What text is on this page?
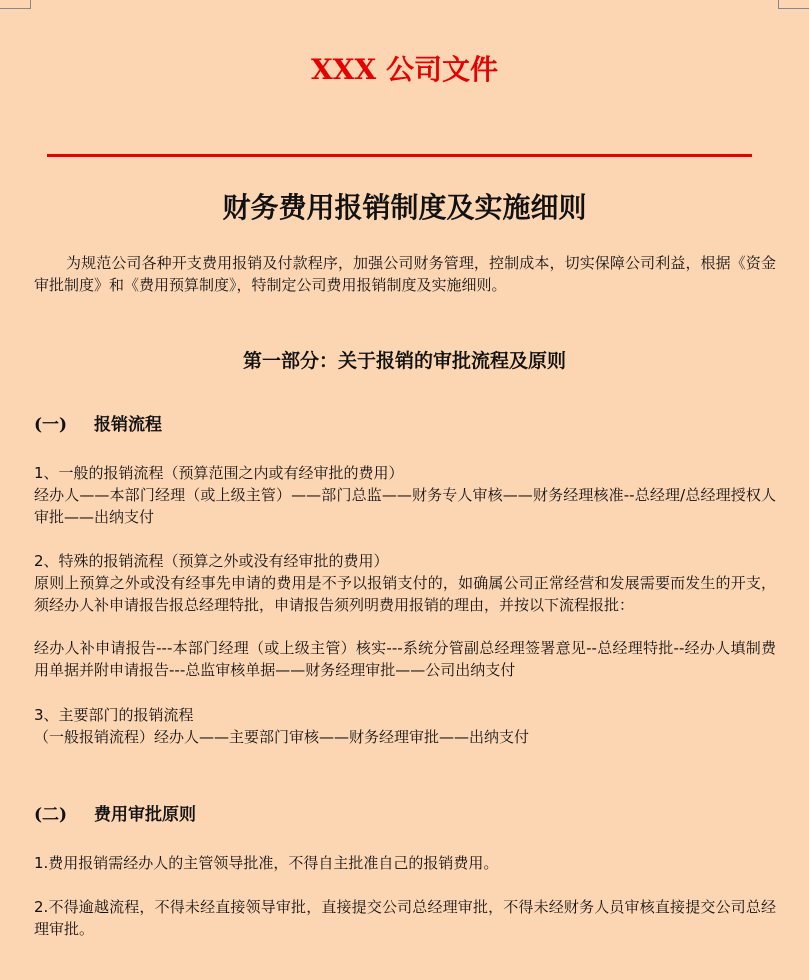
XXX 公司文件
财务费用报销制度及实施细则
为规范公司各种开支费用报销及付款程序，加强公司财务管理，控制成本，切实保障公司利益，根据《资金审批制度》和《费用预算制度》，特制定公司费用报销制度及实施细则。
第一部分：关于报销的审批流程及原则
(一) 报销流程

1、一般的报销流程（预算范围之内或有经审批的费用）

经办人——本部门经理（或上级主管）——部门总监——财务专人审核——财务经理核准--总经理/总经理授权人审批——出纳支付

2、特殊的报销流程（预算之外或没有经审批的费用）

原则上预算之外或没有经事先申请的费用是不予以报销支付的，如确属公司正常经营和发展需要而发生的开支，须经办人补申请报告报总经理特批，申请报告须列明费用报销的理由，并按以下流程报批：

经办人补申请报告---本部门经理（或上级主管）核实---系统分管副总经理签署意见--总经理特批--经办人填制费用单据并附申请报告---总监审核单据——财务经理审批——公司出纳支付

3、主要部门的报销流程

（一般报销流程）经办人——主要部门审核——财务经理审批——出纳支付

(二) 费用审批原则

1.费用报销需经办人的主管领导批准，不得自主批准自己的报销费用。

2.不得逾越流程，不得未经直接领导审批，直接提交公司总经理审批，不得未经财务人员审核直接提交公司总经理审批。
